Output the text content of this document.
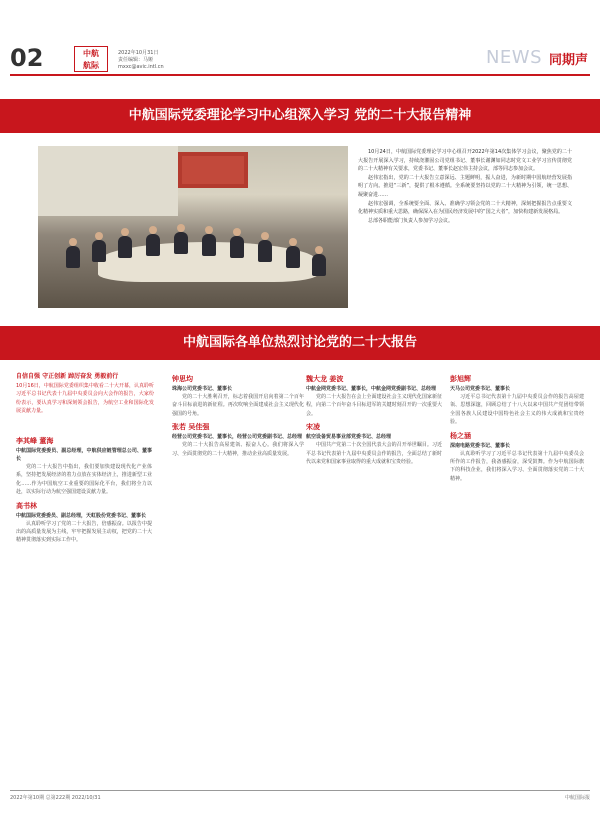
02	中航
航际
2022年10月31日
责任编辑：马姬
mxxc@avic.intl.cn	NEWS 同期声
中航国际党委理论学习中心组深入学习 党的二十大报告精神

10月24日，中航国际党委理论学习中心组召开2022年第14次集体学习会议，聚焦党的二十大报告开展深入学习，持续浇灌固公司党组书记、董事长谢渊如同志时党文工业学习宣传贯彻党的二十大精神有关要求，党委书记、董事长赵宏伟主持会议，部等同志参加会议。

赵伟宏指出，党的二十大报告立意深远、主题鲜明，振人奋进，为新时期中国航经营发展指明了方向。推进“三新”，提供了根本遵循。全系统要坚持以党的二十大精神为引领，统一思想、凝聚奋进……

赵伟宏强调，全系统要全面、深入、准确学习领会党的二十大精神，深刻把握报告点重要文化精神实质和重大思路，确保深入在为国民经济发展中的“国之大者”，加快构建新发展格局。

总部各职能部门负责人参加学习会议。

中航国际各单位热烈讨论党的二十大报告
自信自强 守正创新 踔厉奋发 勇毅前行
10月16日，中航国际党委组织集中收看二十大开幕，认真聆听习近平总书记代表十九届中央委员会向大会作的报告，大家纷纷表示，要认真学习和深刻领会报告，为航空工业和国际化发展贡献力量。
李其峰 董海
中航国际党委委员、副总经理，中航供应链管理总公司、董事长

党的二十大报告中指出，我们要加快建设现代化产业体系，坚持把发展经济的着力点放在实体经济上，推进新型工业化……作为中国航空工业重要的国际化平台，我们将全力以赴，以实际行动为航空强国建设贡献力量。

高书林
中航国际党委委员、副总经理，天虹股份党委书记、董事长

认真聆听学习了党的二十大报告，倍感振奋。以报告中提出的高质量发展为主线，牢牢把握发展主动权，把党的二十大精神贯彻落实到实际工作中。

钟思均
珠海公司党委书记、董事长

党的二十大胜利召开，标志着我国开启向着第二个百年奋斗目标前进的新征程。再次吹响全面建成社会主义现代化强国的号角。

张若 吴佳强
经营公司党委书记、董事长，经营公司党委副书记、总经理

党的二十大报告高屋建瓴、振奋人心。我们将深入学习、全面贯彻党的二十大精神，推动企业高质量发展。

魏大龙 姜波
中航金网党委书记、董事长，中航金网党委副书记、总经理

党的二十大报告在会上全面建设社会主义现代化国家新征程，向第二个百年奋斗目标进军的关键时刻召开的一次重要大会。

宋凌
航空设备贸易事业部党委书记、总经理

中国共产党第二十次全国代表大会的召开举世瞩目。习近平总书记代表第十九届中央委员会作的报告，全面总结了新时代以来党和国家事业取得的重大成就和宝贵经验。

彭旭辉
天马公司党委书记、董事长

习近平总书记代表第十九届中央委员会作的报告高屋建瓴、思想深邃，回顾总结了十八大以来中国共产党团结带领全国各族人民建设中国特色社会主义的伟大成就和宝贵经验。

杨之涵
深南电路党委书记、董事长

认真聆听学习了习近平总书记代表第十九届中央委员会所作的工作报告，我备感振奋，深受鼓舞。作为中航国际旗下的科技企业，我们将深入学习、全面贯彻落实党的二十大精神。

2022年第10期 总第222期 2022/10/31	中航国际报
